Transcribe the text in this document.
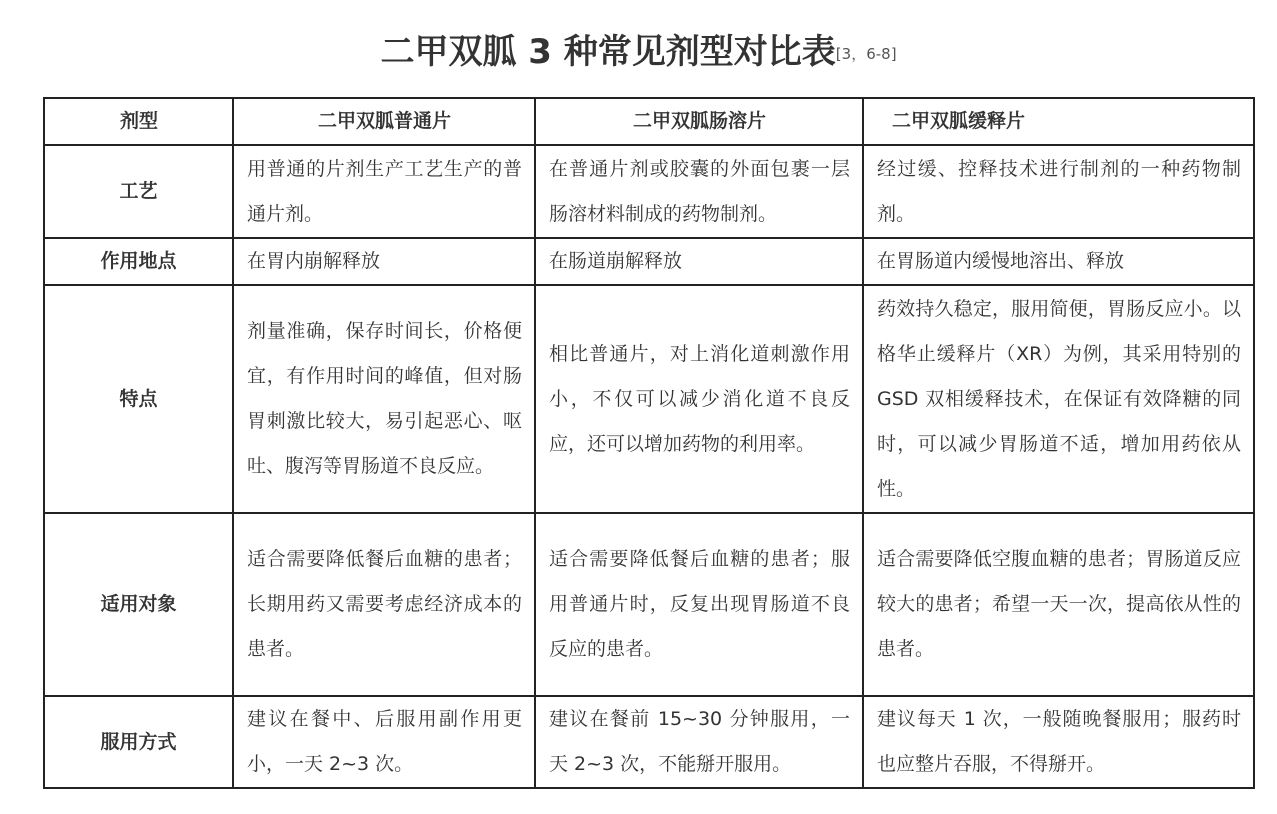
二甲双胍 3 种常见剂型对比表[3，6-8]
剂型	二甲双胍普通片	二甲双胍肠溶片	二甲双胍缓释片
工艺	用普通的片剂生产工艺生产的普通片剂。	在普通片剂或胶囊的外面包裹一层肠溶材料制成的药物制剂。	经过缓、控释技术进行制剂的一种药物制剂。
作用地点	在胃内崩解释放	在肠道崩解释放	在胃肠道内缓慢地溶出、释放
特点	剂量准确，保存时间长，价格便宜，有作用时间的峰值，但对肠胃刺激比较大，易引起恶心、呕吐、腹泻等胃肠道不良反应。	相比普通片，对上消化道刺激作用小，不仅可以减少消化道不良反应，还可以增加药物的利用率。	药效持久稳定，服用简便，胃肠反应小。以格华止缓释片（XR）为例，其采用特别的 GSD 双相缓释技术，在保证有效降糖的同时，可以减少胃肠道不适，增加用药依从性。
适用对象	适合需要降低餐后血糖的患者；长期用药又需要考虑经济成本的患者。	适合需要降低餐后血糖的患者；服用普通片时，反复出现胃肠道不良反应的患者。	适合需要降低空腹血糖的患者；胃肠道反应较大的患者；希望一天一次，提高依从性的患者。
服用方式	建议在餐中、后服用副作用更小，一天 2~3 次。	建议在餐前 15~30 分钟服用，一天 2~3 次，不能掰开服用。	建议每天 1 次，一般随晚餐服用；服药时也应整片吞服，不得掰开。
